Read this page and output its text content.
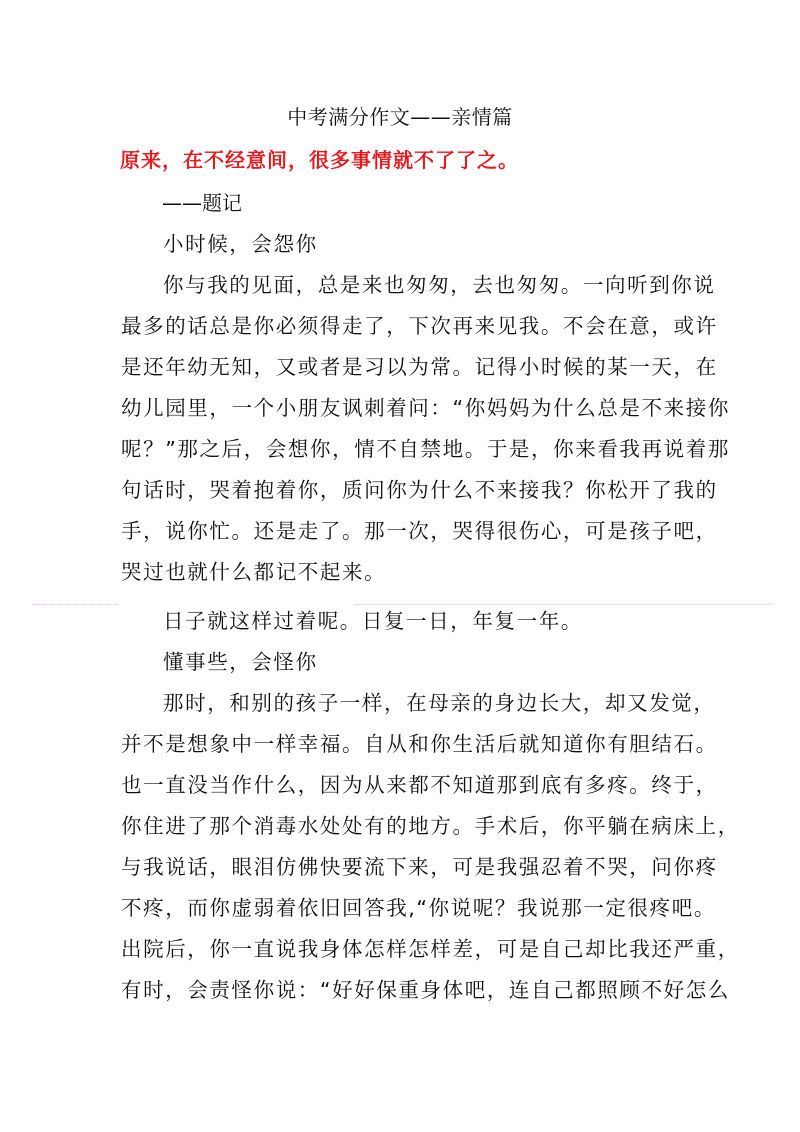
中考满分作文——亲情篇
原来，在不经意间，很多事情就不了了之。
——题记
小时候，会怨你
你与我的见面，总是来也匆匆，去也匆匆。一向听到你说
最多的话总是你必须得走了，下次再来见我。不会在意，或许
是还年幼无知，又或者是习以为常。记得小时候的某一天，在
幼儿园里，一个小朋友讽刺着问：“你妈妈为什么总是不来接你
呢？”那之后，会想你，情不自禁地。于是，你来看我再说着那
句话时，哭着抱着你，质问你为什么不来接我？你松开了我的
手，说你忙。还是走了。那一次，哭得很伤心，可是孩子吧，
哭过也就什么都记不起来。
日子就这样过着呢。日复一日，年复一年。
懂事些，会怪你
那时，和别的孩子一样，在母亲的身边长大，却又发觉，
并不是想象中一样幸福。自从和你生活后就知道你有胆结石。
也一直没当作什么，因为从来都不知道那到底有多疼。终于，
你住进了那个消毒水处处有的地方。手术后，你平躺在病床上，
与我说话，眼泪仿佛快要流下来，可是我强忍着不哭，问你疼
不疼，而你虚弱着依旧回答我,“你说呢？我说那一定很疼吧。
出院后，你一直说我身体怎样怎样差，可是自己却比我还严重，
有时，会责怪你说：“好好保重身体吧，连自己都照顾不好怎么
